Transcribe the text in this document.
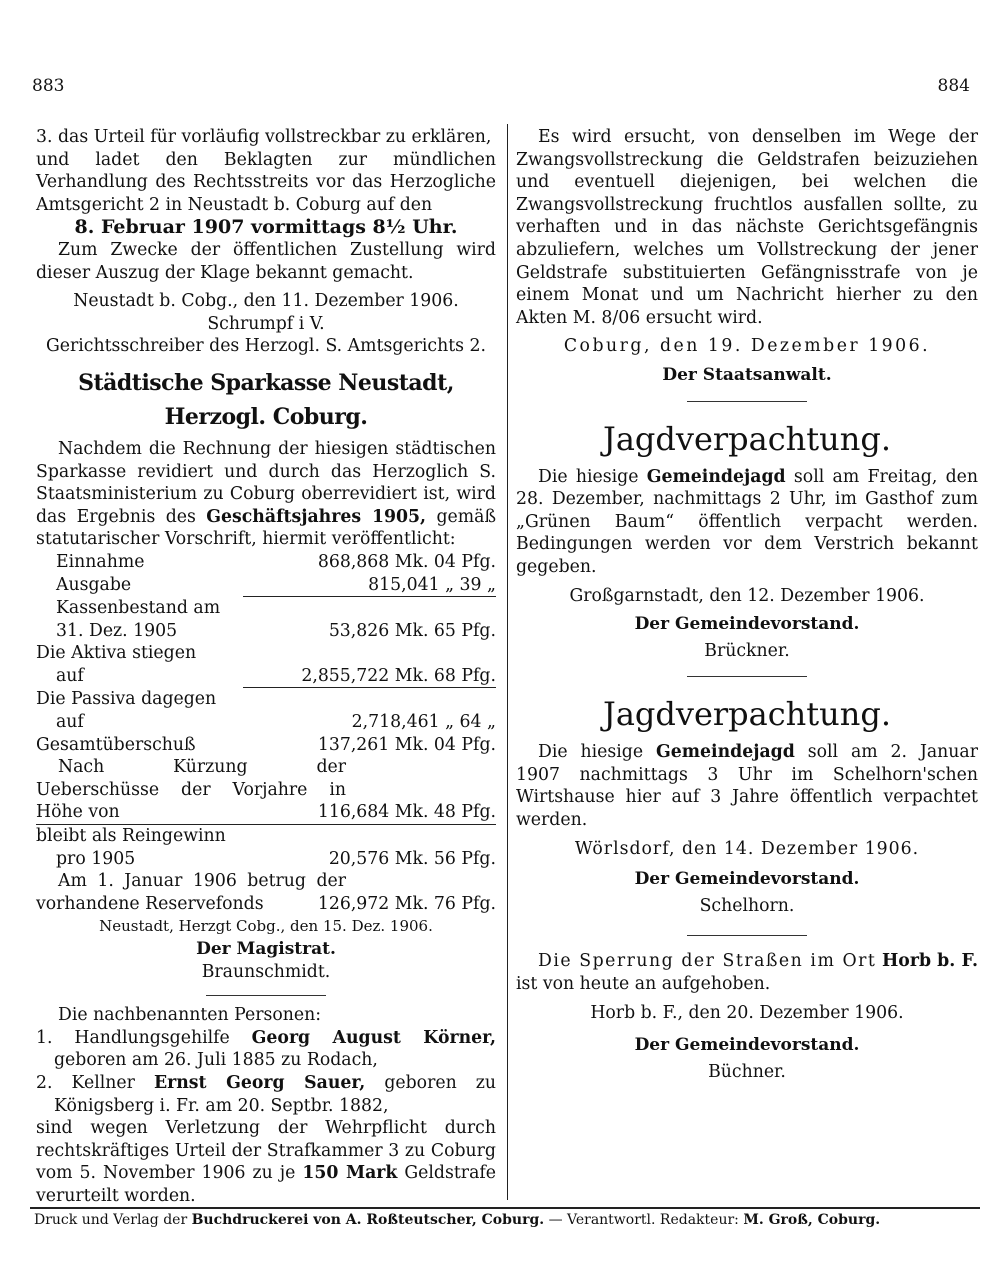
883	884

3. das Urteil für vorläufig vollstreckbar zu erklären,

und ladet den Beklagten zur mündlichen Verhandlung des Rechtsstreits vor das Herzogliche Amtsgericht 2 in Neustadt b. Coburg auf den

8. Februar 1907 vormittags 8½ Uhr.

Zum Zwecke der öffentlichen Zustellung wird dieser Auszug der Klage bekannt gemacht.

Neustadt b. Cobg., den 11. Dezember 1906.

Schrumpf i V.

Gerichtsschreiber des Herzogl. S. Amtsgerichts 2.

Städtische Sparkasse Neustadt, Herzogl. Coburg.

Nachdem die Rechnung der hiesigen städtischen Sparkasse revidiert und durch das Herzoglich S. Staatsministerium zu Coburg oberrevidiert ist, wird das Ergebnis des Geschäftsjahres 1905, gemäß statutarischer Vorschrift, hiermit veröffentlicht:

Einnahme	868,868 Mk. 04 Pfg.
Ausgabe	815,041 „ 39 „
Kassenbestand am	
31. Dez. 1905	53,826 Mk. 65 Pfg.
Die Aktiva stiegen	
auf	2,855,722 Mk. 68 Pfg.
Die Passiva dagegen	
auf	2,718,461 „ 64 „
Gesamtüberschuß	137,261 Mk. 04 Pfg.

Nach Kürzung der Ueberschüsse der Vorjahre in Höhe von	116,684 Mk. 48 Pfg.
bleibt als Reingewinn
pro 1905	20,576 Mk. 56 Pfg.

Am 1. Januar 1906 betrug der vorhandene Reservefonds	126,972 Mk. 76 Pfg.

Neustadt, Herzgt Cobg., den 15. Dez. 1906.

Der Magistrat.

Braunschmidt.

Die nachbenannten Personen:

1. Handlungsgehilfe Georg August Körner, geboren am 26. Juli 1885 zu Rodach,

2. Kellner Ernst Georg Sauer, geboren zu Königsberg i. Fr. am 20. Septbr. 1882,

sind wegen Verletzung der Wehrpflicht durch rechtskräftiges Urteil der Strafkammer 3 zu Coburg vom 5. November 1906 zu je 150 Mark Geldstrafe verurteilt worden.

Es wird ersucht, von denselben im Wege der Zwangsvollstreckung die Geldstrafen beizuziehen und eventuell diejenigen, bei welchen die Zwangsvollstreckung fruchtlos ausfallen sollte, zu verhaften und in das nächste Gerichtsgefängnis abzuliefern, welches um Vollstreckung der jener Geldstrafe substituierten Gefängnisstrafe von je einem Monat und um Nachricht hierher zu den Akten M. 8/06 ersucht wird.

Coburg, den 19. Dezember 1906.

Der Staatsanwalt.

Jagdverpachtung.

Die hiesige Gemeindejagd soll am Freitag, den 28. Dezember, nachmittags 2 Uhr, im Gasthof zum „Grünen Baum“ öffentlich verpacht werden. Bedingungen werden vor dem Verstrich bekannt gegeben.

Großgarnstadt, den 12. Dezember 1906.

Der Gemeindevorstand.

Brückner.

Jagdverpachtung.

Die hiesige Gemeindejagd soll am 2. Januar 1907 nachmittags 3 Uhr im Schelhorn'schen Wirtshause hier auf 3 Jahre öffentlich verpachtet werden.

Wörlsdorf, den 14. Dezember 1906.

Der Gemeindevorstand.

Schelhorn.

Die Sperrung der Straßen im Ort Horb b. F. ist von heute an aufgehoben.

Horb b. F., den 20. Dezember 1906.

Der Gemeindevorstand.

Büchner.

Druck und Verlag der Buchdruckerei von A. Roßteutscher, Coburg. — Verantwortl. Redakteur: M. Groß, Coburg.
